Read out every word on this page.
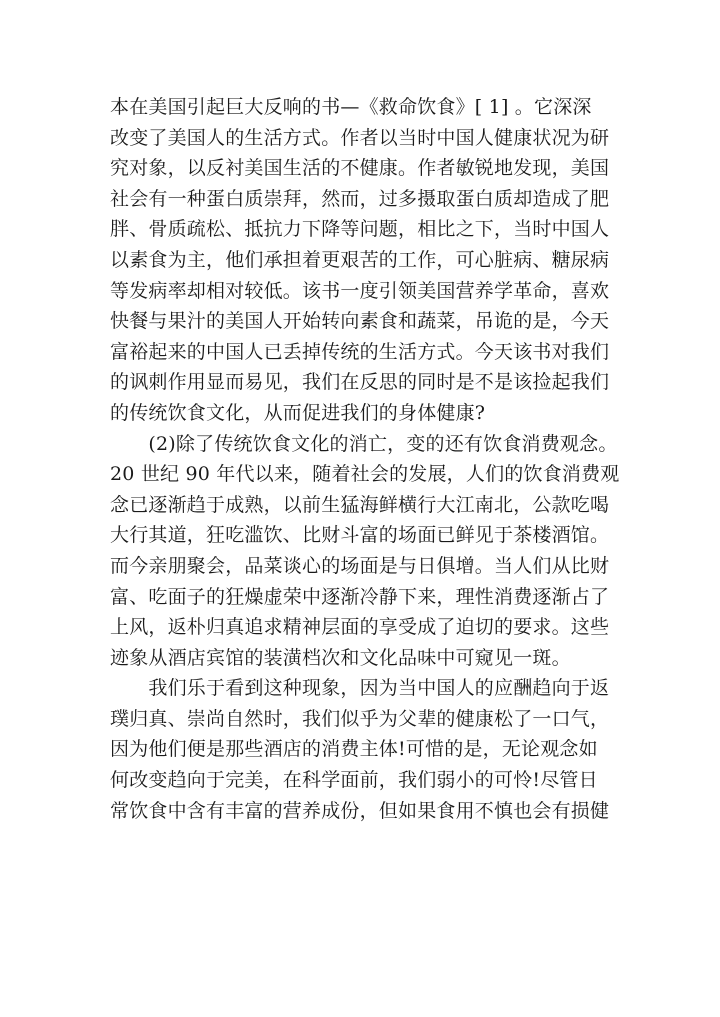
本在美国引起巨大反响的书—《救命饮食》[ 1] 。它深深
改变了美国人的生活方式。作者以当时中国人健康状况为研
究对象，以反衬美国生活的不健康。作者敏锐地发现，美国
社会有一种蛋白质崇拜，然而，过多摄取蛋白质却造成了肥
胖、骨质疏松、抵抗力下降等问题，相比之下，当时中国人
以素食为主，他们承担着更艰苦的工作，可心脏病、糖尿病
等发病率却相对较低。该书一度引领美国营养学革命，喜欢
快餐与果汁的美国人开始转向素食和蔬菜，吊诡的是，今天
富裕起来的中国人已丢掉传统的生活方式。今天该书对我们
的讽刺作用显而易见，我们在反思的同时是不是该捡起我们
的传统饮食文化，从而促进我们的身体健康?
　　(2)除了传统饮食文化的消亡，变的还有饮食消费观念。
20 世纪 90 年代以来，随着社会的发展，人们的饮食消费观
念已逐渐趋于成熟，以前生猛海鲜横行大江南北，公款吃喝
大行其道，狂吃滥饮、比财斗富的场面已鲜见于茶楼酒馆。
而今亲朋聚会，品菜谈心的场面是与日俱增。当人们从比财
富、吃面子的狂燥虚荣中逐渐冷静下来，理性消费逐渐占了
上风，返朴归真追求精神层面的享受成了迫切的要求。这些
迹象从酒店宾馆的装潢档次和文化品味中可窥见一斑。
　　我们乐于看到这种现象，因为当中国人的应酬趋向于返
璞归真、崇尚自然时，我们似乎为父辈的健康松了一口气，
因为他们便是那些酒店的消费主体!可惜的是，无论观念如
何改变趋向于完美，在科学面前，我们弱小的可怜!尽管日
常饮食中含有丰富的营养成份，但如果食用不慎也会有损健
